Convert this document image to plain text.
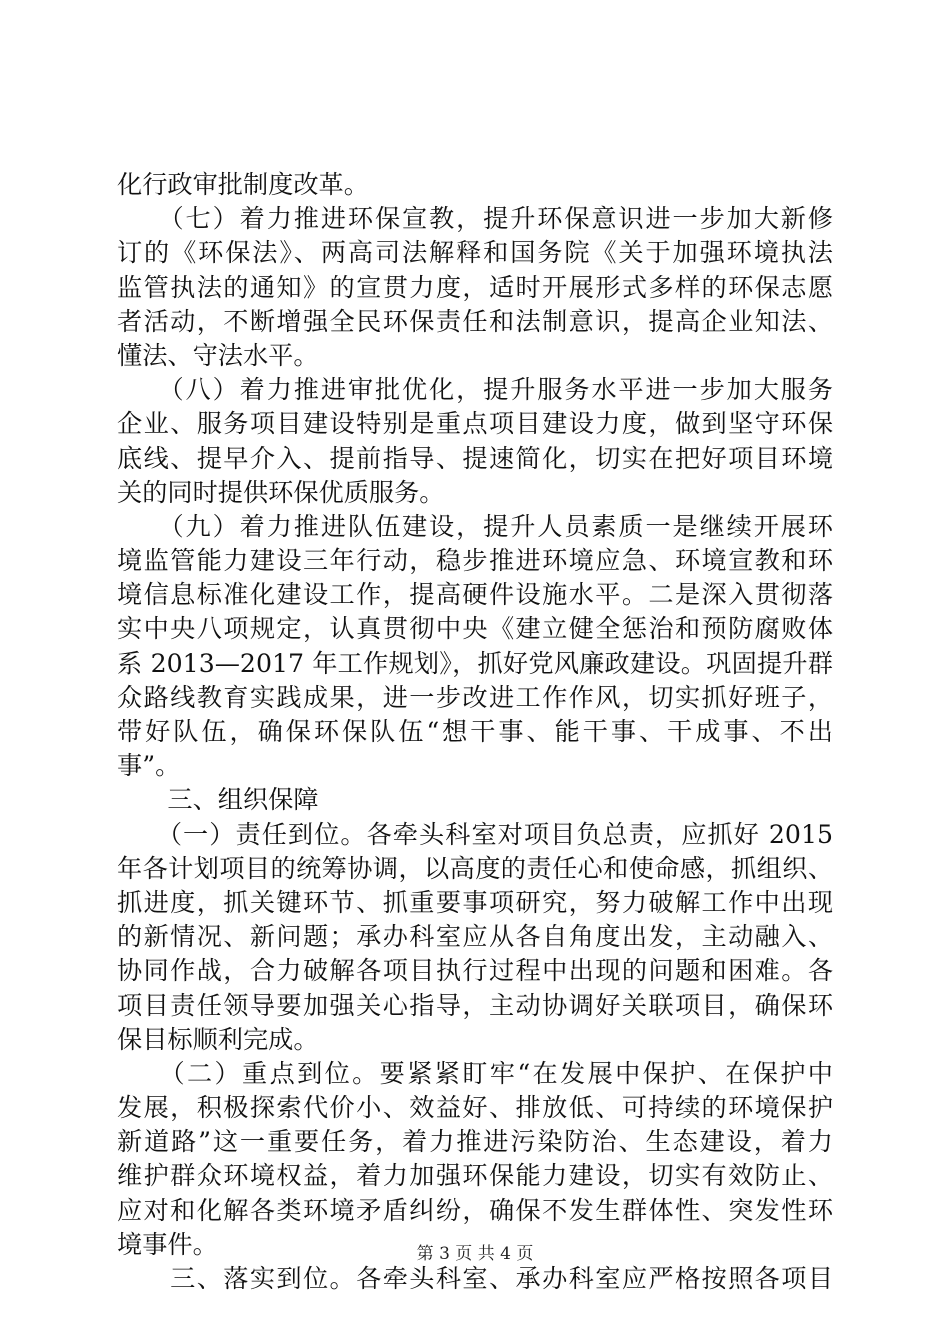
化行政审批制度改革。
　　（七）着力推进环保宣教，提升环保意识进一步加大新修
订的《环保法》、两高司法解释和国务院《关于加强环境执法
监管执法的通知》的宣贯力度，适时开展形式多样的环保志愿
者活动，不断增强全民环保责任和法制意识，提高企业知法、
懂法、守法水平。
　　（八）着力推进审批优化，提升服务水平进一步加大服务
企业、服务项目建设特别是重点项目建设力度，做到坚守环保
底线、提早介入、提前指导、提速简化，切实在把好项目环境
关的同时提供环保优质服务。
　　（九）着力推进队伍建设，提升人员素质一是继续开展环
境监管能力建设三年行动，稳步推进环境应急、环境宣教和环
境信息标准化建设工作，提高硬件设施水平。二是深入贯彻落
实中央八项规定，认真贯彻中央《建立健全惩治和预防腐败体
系 2013—2017 年工作规划》，抓好党风廉政建设。巩固提升群
众路线教育实践成果，进一步改进工作作风，切实抓好班子，
带好队伍，确保环保队伍“想干事、能干事、干成事、不出
事”。
　　三、组织保障
　　（一）责任到位。各牵头科室对项目负总责，应抓好 2015
年各计划项目的统筹协调，以高度的责任心和使命感，抓组织、
抓进度，抓关键环节、抓重要事项研究，努力破解工作中出现
的新情况、新问题；承办科室应从各自角度出发，主动融入、
协同作战，合力破解各项目执行过程中出现的问题和困难。各
项目责任领导要加强关心指导，主动协调好关联项目，确保环
保目标顺利完成。
　　（二）重点到位。要紧紧盯牢“在发展中保护、在保护中
发展，积极探索代价小、效益好、排放低、可持续的环境保护
新道路”这一重要任务，着力推进污染防治、生态建设，着力
维护群众环境权益，着力加强环保能力建设，切实有效防止、
应对和化解各类环境矛盾纠纷，确保不发生群体性、突发性环
境事件。
　　三、落实到位。各牵头科室、承办科室应严格按照各项目
第 3 页 共 4 页
